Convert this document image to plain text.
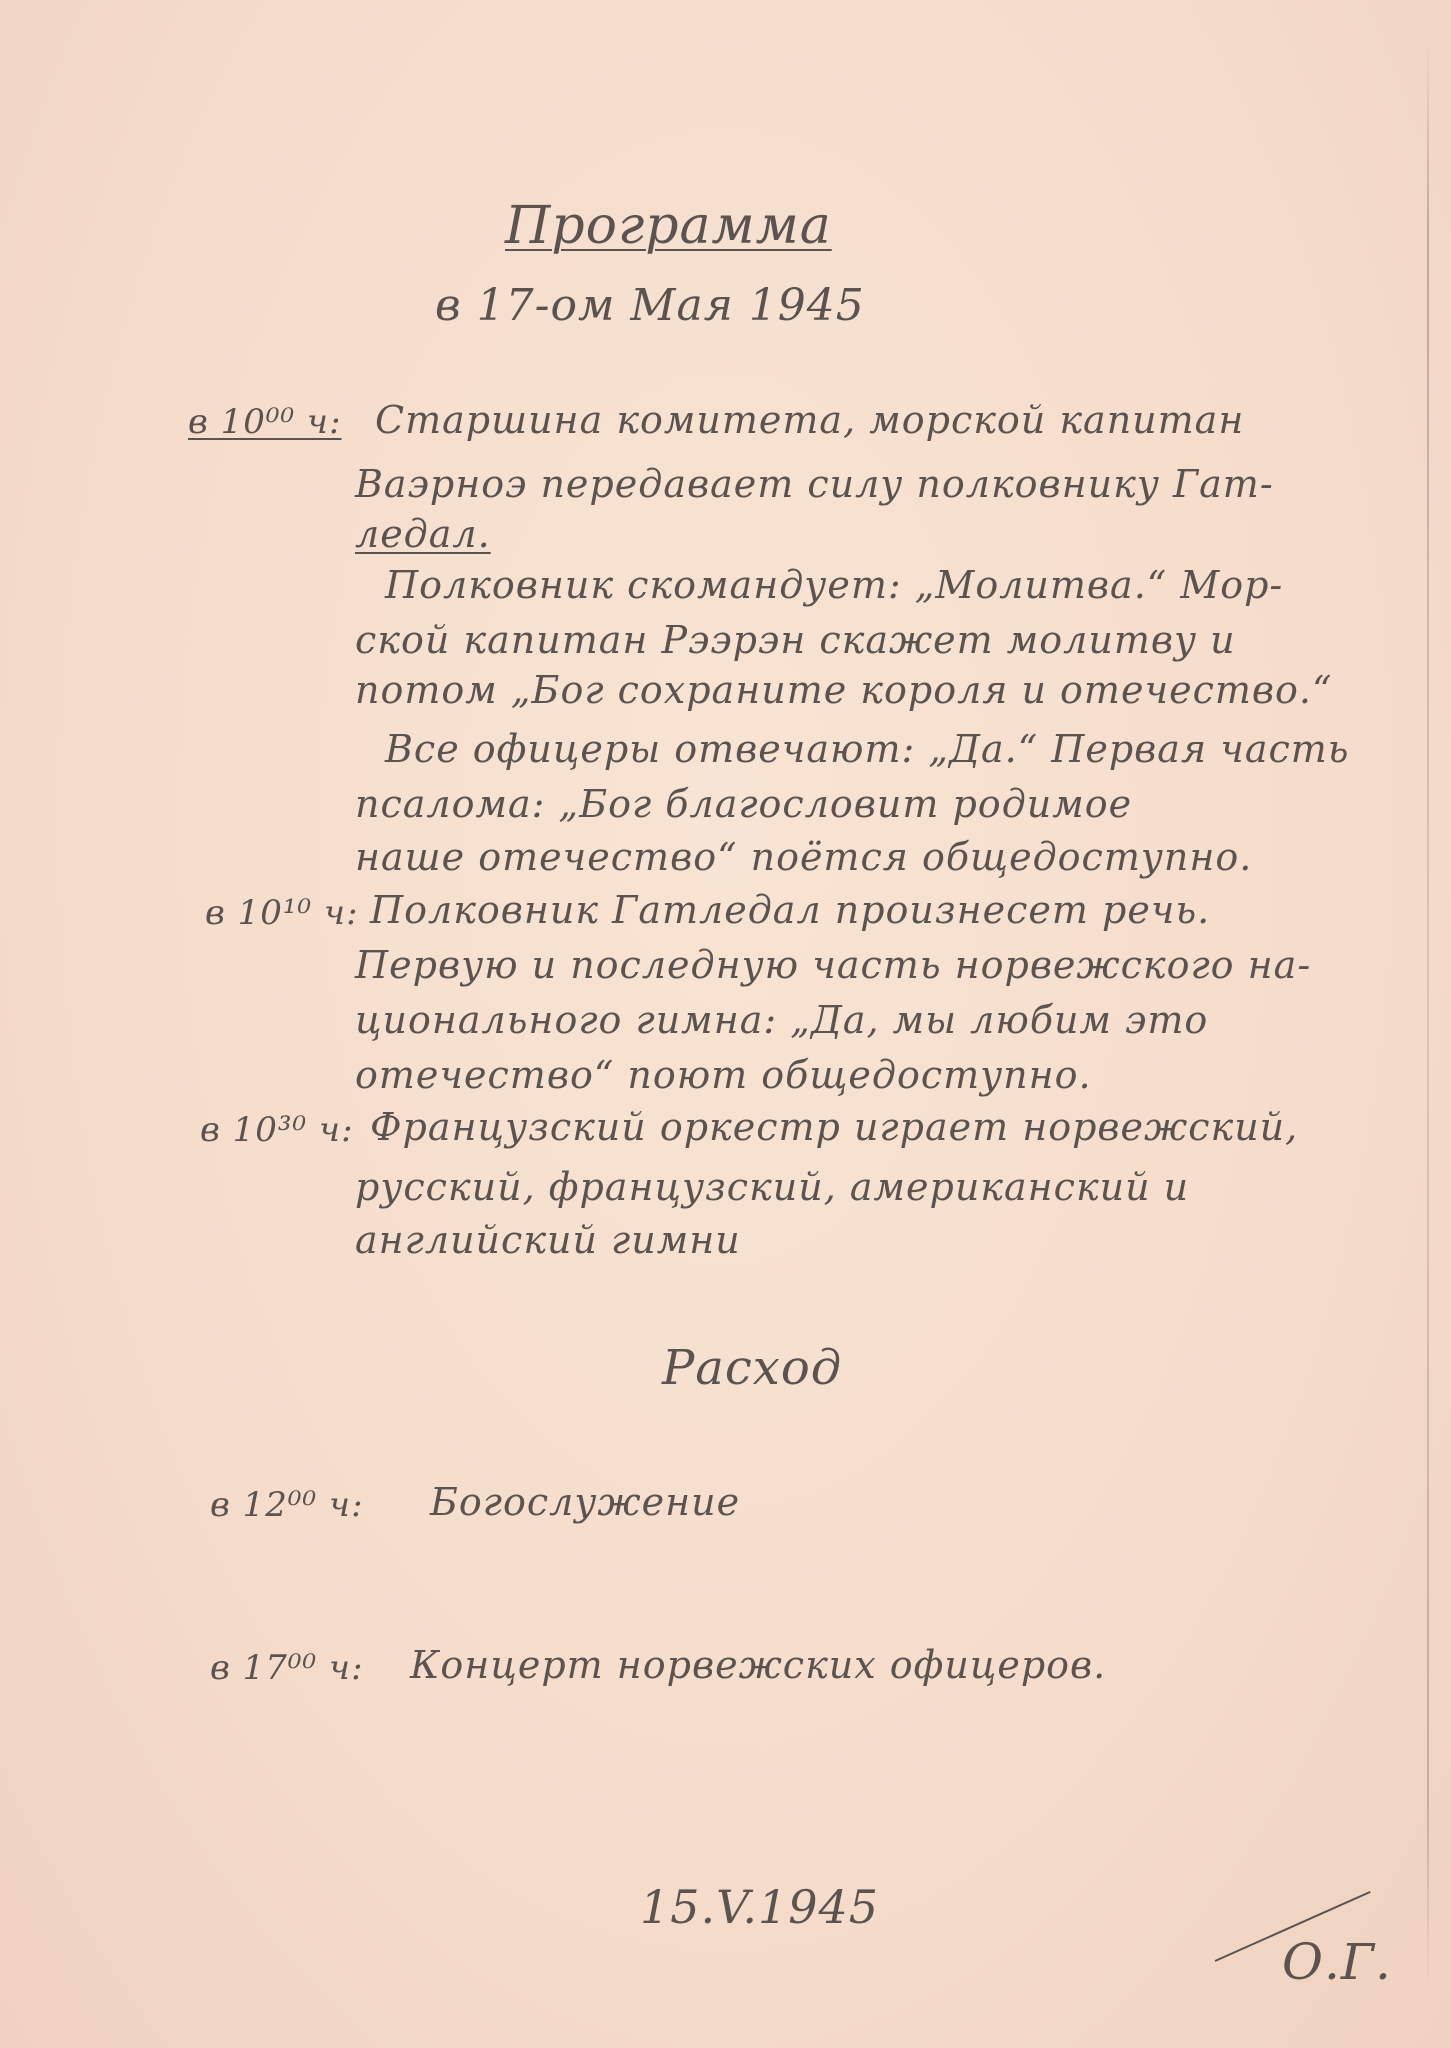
Программа
в 17-ом Мая 1945
в 10⁰⁰ ч: Старшина комитета, морской капитан
Ваэрноэ передавает силу полковнику Гат-
ледал.
Полковник скомандует: „Молитва.“ Мор-
ской капитан Рээрэн скажет молитву и
потом „Бог сохраните короля и отечество.“
Все офицеры отвечают: „Да.“ Первая часть
псалома: „Бог благословит родимое
наше отечество“ поётся общедоступно.
в 10¹⁰ ч: Полковник Гатледал произнесет речь.
Первую и последную часть норвежского на-
ционального гимна: „Да, мы любим это
отечество“ поют общедоступно.
в 10³⁰ ч: Французский оркестр играет норвежский,
русский, французский, американский и
английский гимни
Расход
в 12⁰⁰ ч: Богослужение
в 17⁰⁰ ч: Концерт норвежских офицеров.
15.V.1945
О.Г.
